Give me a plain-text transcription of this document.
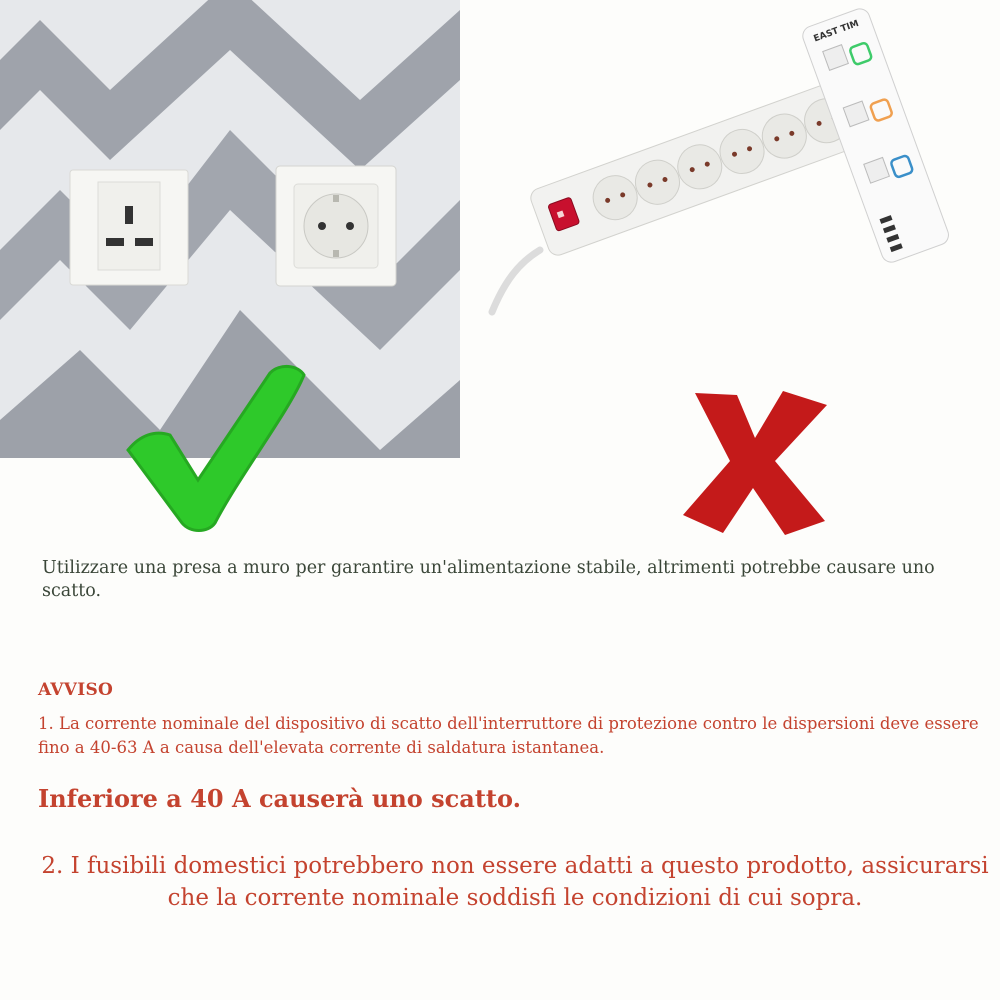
EAST TIM
Utilizzare una presa a muro per garantire un'alimentazione stabile, altrimenti potrebbe causare uno scatto.
AVVISO
1. La corrente nominale del dispositivo di scatto dell'interruttore di protezione contro le dispersioni deve essere fino a 40-63 A a causa dell'elevata corrente di saldatura istantanea.
Inferiore a 40 A causerà uno scatto.
2. I fusibili domestici potrebbero non essere adatti a questo prodotto, assicurarsi che la corrente nominale soddisfi le condizioni di cui sopra.
